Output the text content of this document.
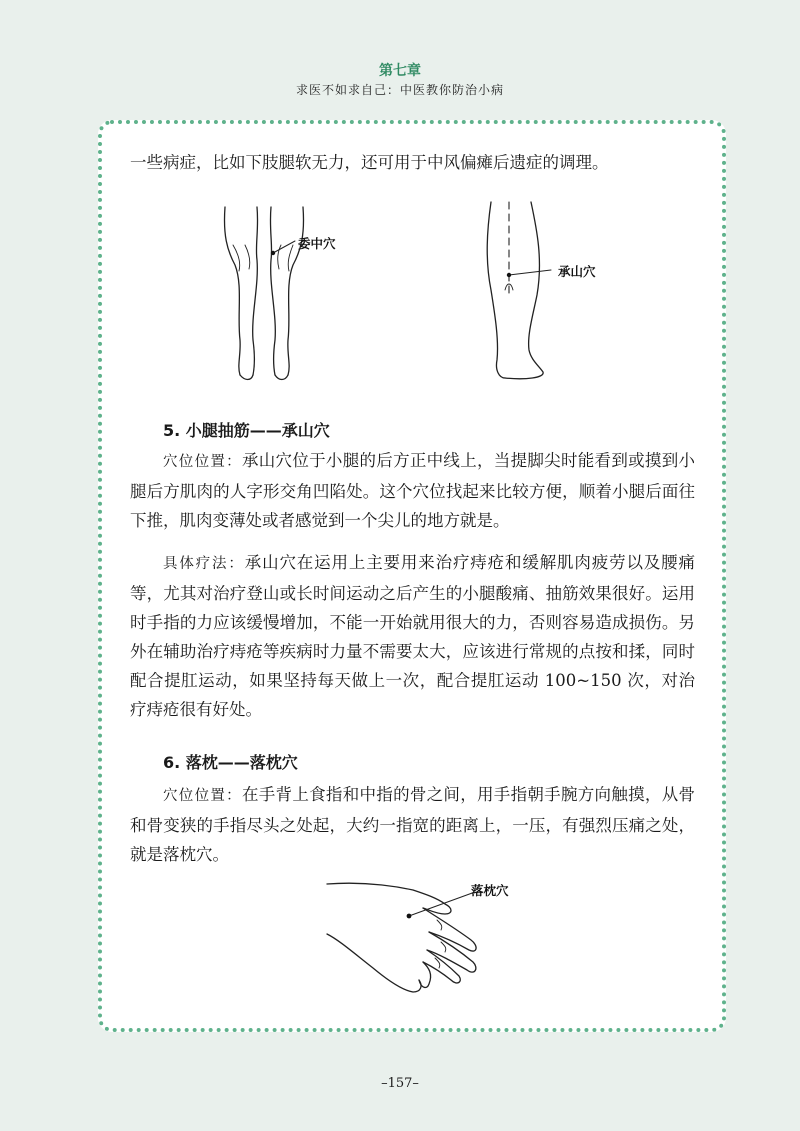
第七章
求医不如求自己：中医教你防治小病
一些病症，比如下肢腿软无力，还可用于中风偏瘫后遗症的调理。
委中穴
承山穴
5. 小腿抽筋——承山穴
穴位位置：承山穴位于小腿的后方正中线上，当提脚尖时能看到或摸到小腿后方肌肉的人字形交角凹陷处。这个穴位找起来比较方便，顺着小腿后面往下推，肌肉变薄处或者感觉到一个尖儿的地方就是。
具体疗法：承山穴在运用上主要用来治疗痔疮和缓解肌肉疲劳以及腰痛等，尤其对治疗登山或长时间运动之后产生的小腿酸痛、抽筋效果很好。运用时手指的力应该缓慢增加，不能一开始就用很大的力，否则容易造成损伤。另外在辅助治疗痔疮等疾病时力量不需要太大，应该进行常规的点按和揉，同时配合提肛运动，如果坚持每天做上一次，配合提肛运动 100~150 次，对治疗痔疮很有好处。
6. 落枕——落枕穴
穴位位置：在手背上食指和中指的骨之间，用手指朝手腕方向触摸，从骨和骨变狭的手指尽头之处起，大约一指宽的距离上，一压，有强烈压痛之处，就是落枕穴。
落枕穴
–157–
